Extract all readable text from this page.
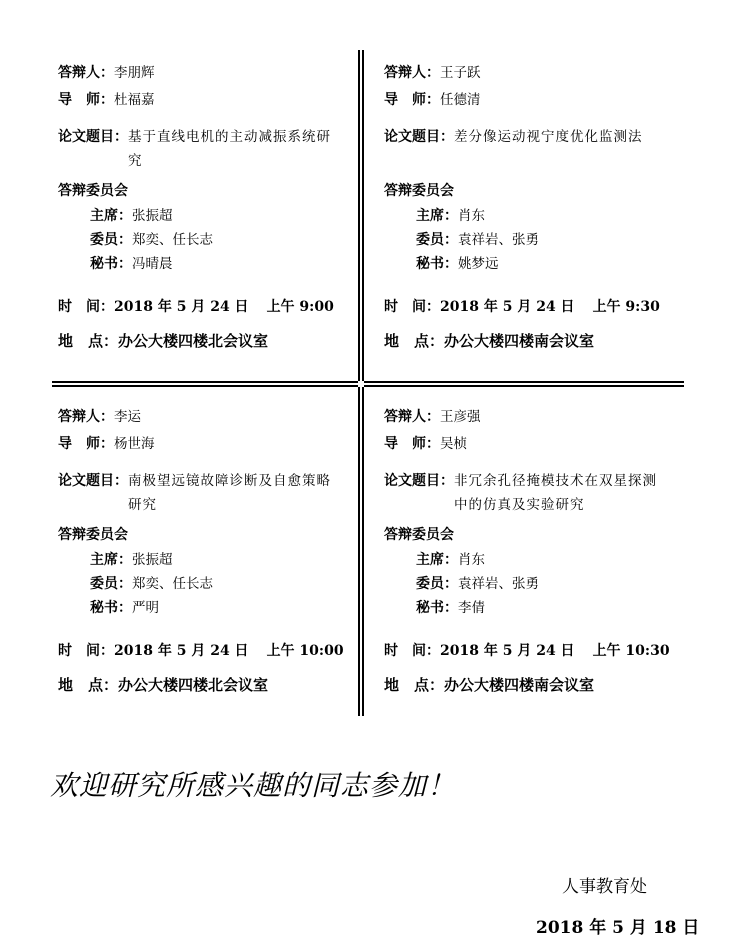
答辩人：李朋辉
导　师：杜福嘉
论文题目： 基于直线电机的主动减振系统研究
答辩委员会
主席：张振超
委员：郑奕、任长志
秘书：冯晴晨
时　间：2018 年 5 月 24 日 上午 9:00
地　点：办公大楼四楼北会议室
答辩人：王子跃
导　师：任德清
论文题目： 差分像运动视宁度优化监测法
答辩委员会
主席：肖东
委员：袁祥岩、张勇
秘书：姚梦远
时　间：2018 年 5 月 24 日 上午 9:30
地　点：办公大楼四楼南会议室
答辩人：李运
导　师：杨世海
论文题目： 南极望远镜故障诊断及自愈策略研究
答辩委员会
主席：张振超
委员：郑奕、任长志
秘书：严明
时　间：2018 年 5 月 24 日 上午 10:00
地　点：办公大楼四楼北会议室
答辩人：王彦强
导　师：吴桢
论文题目： 非冗余孔径掩模技术在双星探测中的仿真及实验研究
答辩委员会
主席：肖东
委员：袁祥岩、张勇
秘书：李倩
时　间：2018 年 5 月 24 日 上午 10:30
地　点：办公大楼四楼南会议室
欢迎研究所感兴趣的同志参加！
人事教育处
2018 年 5 月 18 日
